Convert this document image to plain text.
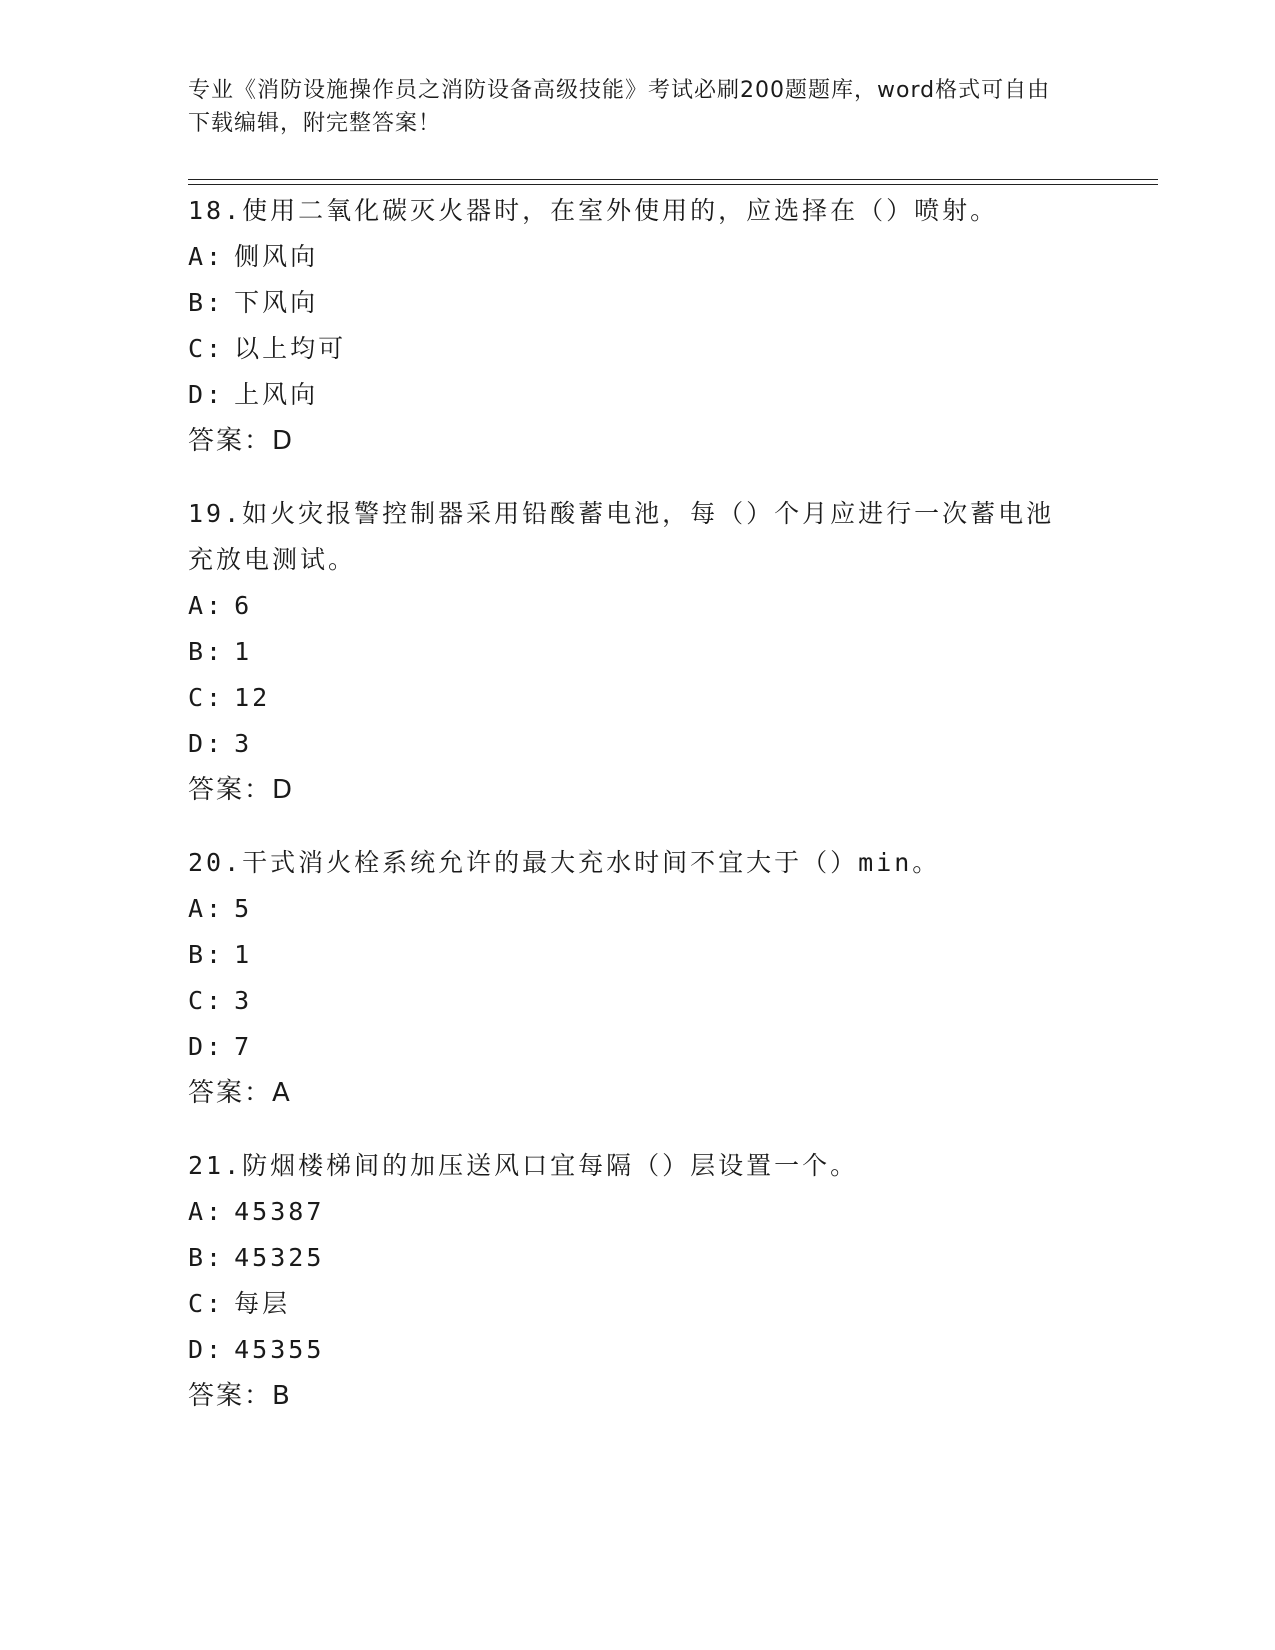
专业《消防设施操作员之消防设备高级技能》考试必刷200题题库，word格式可自由下载编辑，附完整答案！

18.使用二氧化碳灭火器时，在室外使用的，应选择在（）喷射。

A: 侧风向

B: 下风向

C: 以上均可

D: 上风向

答案：D

19.如火灾报警控制器采用铅酸蓄电池，每（）个月应进行一次蓄电池充放电测试。

A: 6

B: 1

C: 12

D: 3

答案：D

20.干式消火栓系统允许的最大充水时间不宜大于（）min。

A: 5

B: 1

C: 3

D: 7

答案：A

21.防烟楼梯间的加压送风口宜每隔（）层设置一个。

A: 45387

B: 45325

C: 每层

D: 45355

答案：B
